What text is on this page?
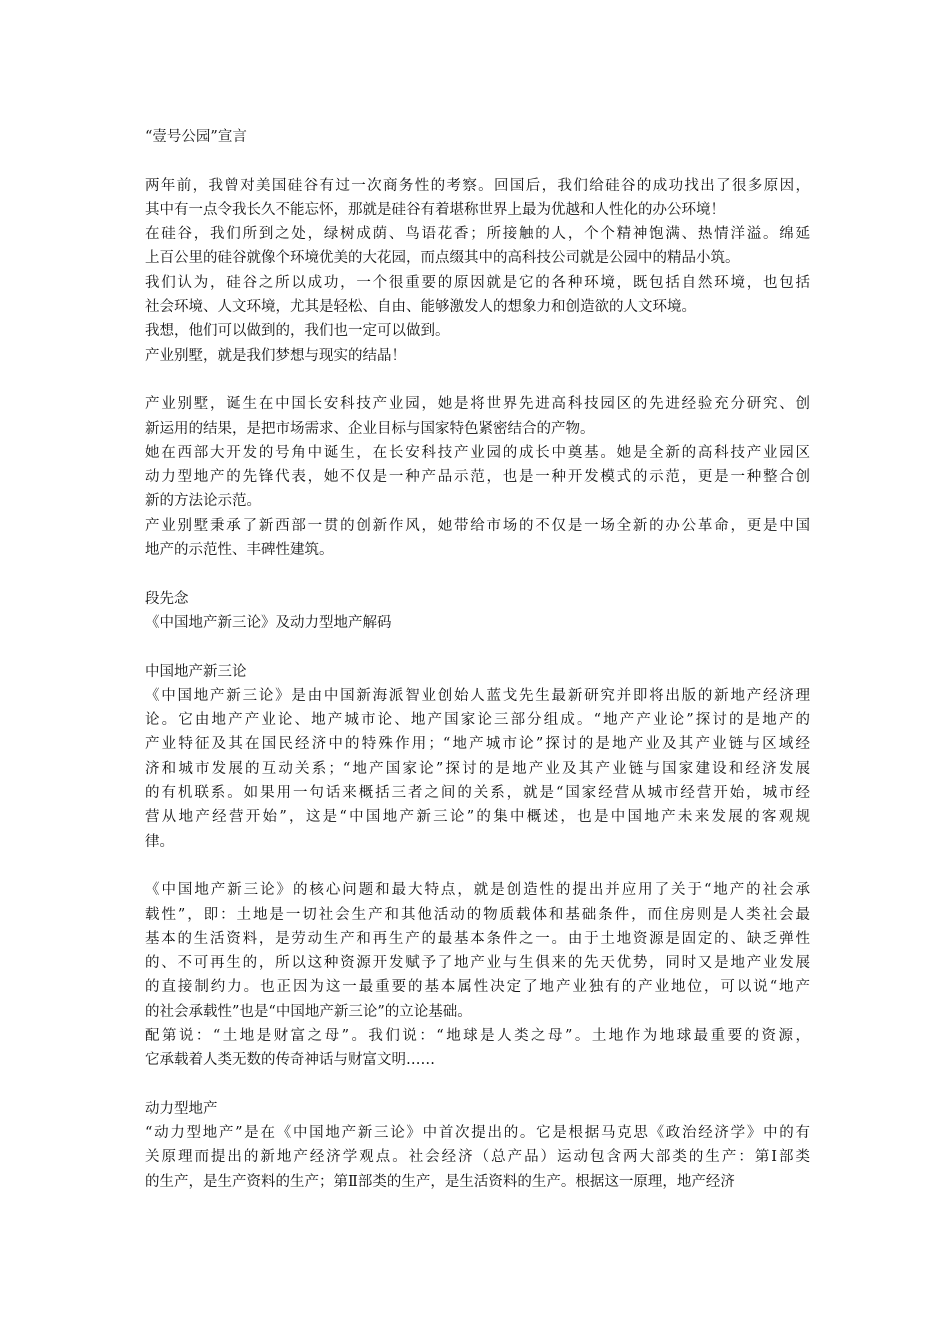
“壹号公园”宣言
两年前，我曾对美国硅谷有过一次商务性的考察。回国后，我们给硅谷的成功找出了很多原因，
其中有一点令我长久不能忘怀，那就是硅谷有着堪称世界上最为优越和人性化的办公环境！
在硅谷，我们所到之处，绿树成荫、鸟语花香；所接触的人，个个精神饱满、热情洋溢。绵延
上百公里的硅谷就像个环境优美的大花园，而点缀其中的高科技公司就是公园中的精品小筑。
我们认为，硅谷之所以成功，一个很重要的原因就是它的各种环境，既包括自然环境，也包括
社会环境、人文环境，尤其是轻松、自由、能够激发人的想象力和创造欲的人文环境。
我想，他们可以做到的，我们也一定可以做到。
产业别墅，就是我们梦想与现实的结晶！
产业别墅，诞生在中国长安科技产业园，她是将世界先进高科技园区的先进经验充分研究、创
新运用的结果，是把市场需求、企业目标与国家特色紧密结合的产物。
她在西部大开发的号角中诞生，在长安科技产业园的成长中奠基。她是全新的高科技产业园区
动力型地产的先锋代表，她不仅是一种产品示范，也是一种开发模式的示范，更是一种整合创
新的方法论示范。
产业别墅秉承了新西部一贯的创新作风，她带给市场的不仅是一场全新的办公革命，更是中国
地产的示范性、丰碑性建筑。
段先念
《中国地产新三论》及动力型地产解码
中国地产新三论
《中国地产新三论》是由中国新海派智业创始人蓝戈先生最新研究并即将出版的新地产经济理
论。它由地产产业论、地产城市论、地产国家论三部分组成。“地产产业论”探讨的是地产的
产业特征及其在国民经济中的特殊作用；“地产城市论”探讨的是地产业及其产业链与区域经
济和城市发展的互动关系；“地产国家论”探讨的是地产业及其产业链与国家建设和经济发展
的有机联系。如果用一句话来概括三者之间的关系，就是“国家经营从城市经营开始，城市经
营从地产经营开始”，这是“中国地产新三论”的集中概述，也是中国地产未来发展的客观规
律。
《中国地产新三论》的核心问题和最大特点，就是创造性的提出并应用了关于“地产的社会承
载性”，即：土地是一切社会生产和其他活动的物质载体和基础条件，而住房则是人类社会最
基本的生活资料，是劳动生产和再生产的最基本条件之一。由于土地资源是固定的、缺乏弹性
的、不可再生的，所以这种资源开发赋予了地产业与生俱来的先天优势，同时又是地产业发展
的直接制约力。也正因为这一最重要的基本属性决定了地产业独有的产业地位，可以说“地产
的社会承载性”也是“中国地产新三论”的立论基础。
配第说：“土地是财富之母”。我们说：“地球是人类之母”。土地作为地球最重要的资源，
它承载着人类无数的传奇神话与财富文明……
动力型地产
“动力型地产”是在《中国地产新三论》中首次提出的。它是根据马克思《政治经济学》中的有
关原理而提出的新地产经济学观点。社会经济（总产品）运动包含两大部类的生产：第Ⅰ部类
的生产，是生产资料的生产；第Ⅱ部类的生产，是生活资料的生产。根据这一原理，地产经济
